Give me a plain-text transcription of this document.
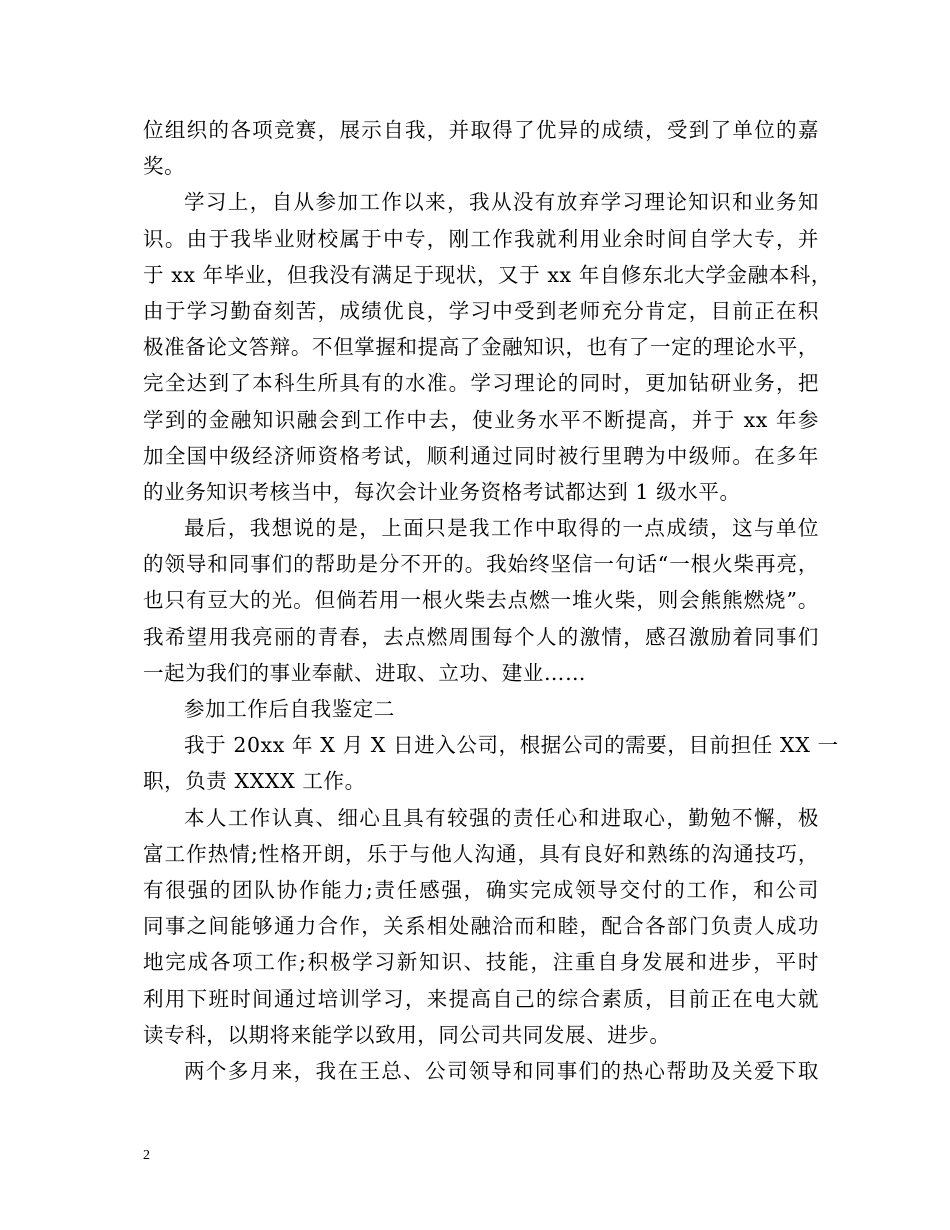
位组织的各项竞赛，展示自我，并取得了优异的成绩，受到了单位的嘉
奖。
学习上，自从参加工作以来，我从没有放弃学习理论知识和业务知
识。由于我毕业财校属于中专，刚工作我就利用业余时间自学大专，并
于 xx 年毕业，但我没有满足于现状，又于 xx 年自修东北大学金融本科，
由于学习勤奋刻苦，成绩优良，学习中受到老师充分肯定，目前正在积
极准备论文答辩。不但掌握和提高了金融知识，也有了一定的理论水平，
完全达到了本科生所具有的水准。学习理论的同时，更加钻研业务，把
学到的金融知识融会到工作中去，使业务水平不断提高，并于 xx 年参
加全国中级经济师资格考试，顺利通过同时被行里聘为中级师。在多年
的业务知识考核当中，每次会计业务资格考试都达到 1 级水平。
最后，我想说的是，上面只是我工作中取得的一点成绩，这与单位
的领导和同事们的帮助是分不开的。我始终坚信一句话“一根火柴再亮，
也只有豆大的光。但倘若用一根火柴去点燃一堆火柴，则会熊熊燃烧”。
我希望用我亮丽的青春，去点燃周围每个人的激情，感召激励着同事们
一起为我们的事业奉献、进取、立功、建业……
参加工作后自我鉴定二
我于 20xx 年 X 月 X 日进入公司，根据公司的需要，目前担任 XX 一
职，负责 XXXX 工作。
本人工作认真、细心且具有较强的责任心和进取心，勤勉不懈，极
富工作热情;性格开朗，乐于与他人沟通，具有良好和熟练的沟通技巧，
有很强的团队协作能力;责任感强，确实完成领导交付的工作，和公司
同事之间能够通力合作，关系相处融洽而和睦，配合各部门负责人成功
地完成各项工作;积极学习新知识、技能，注重自身发展和进步，平时
利用下班时间通过培训学习，来提高自己的综合素质，目前正在电大就
读专科，以期将来能学以致用，同公司共同发展、进步。
两个多月来，我在王总、公司领导和同事们的热心帮助及关爱下取
2
